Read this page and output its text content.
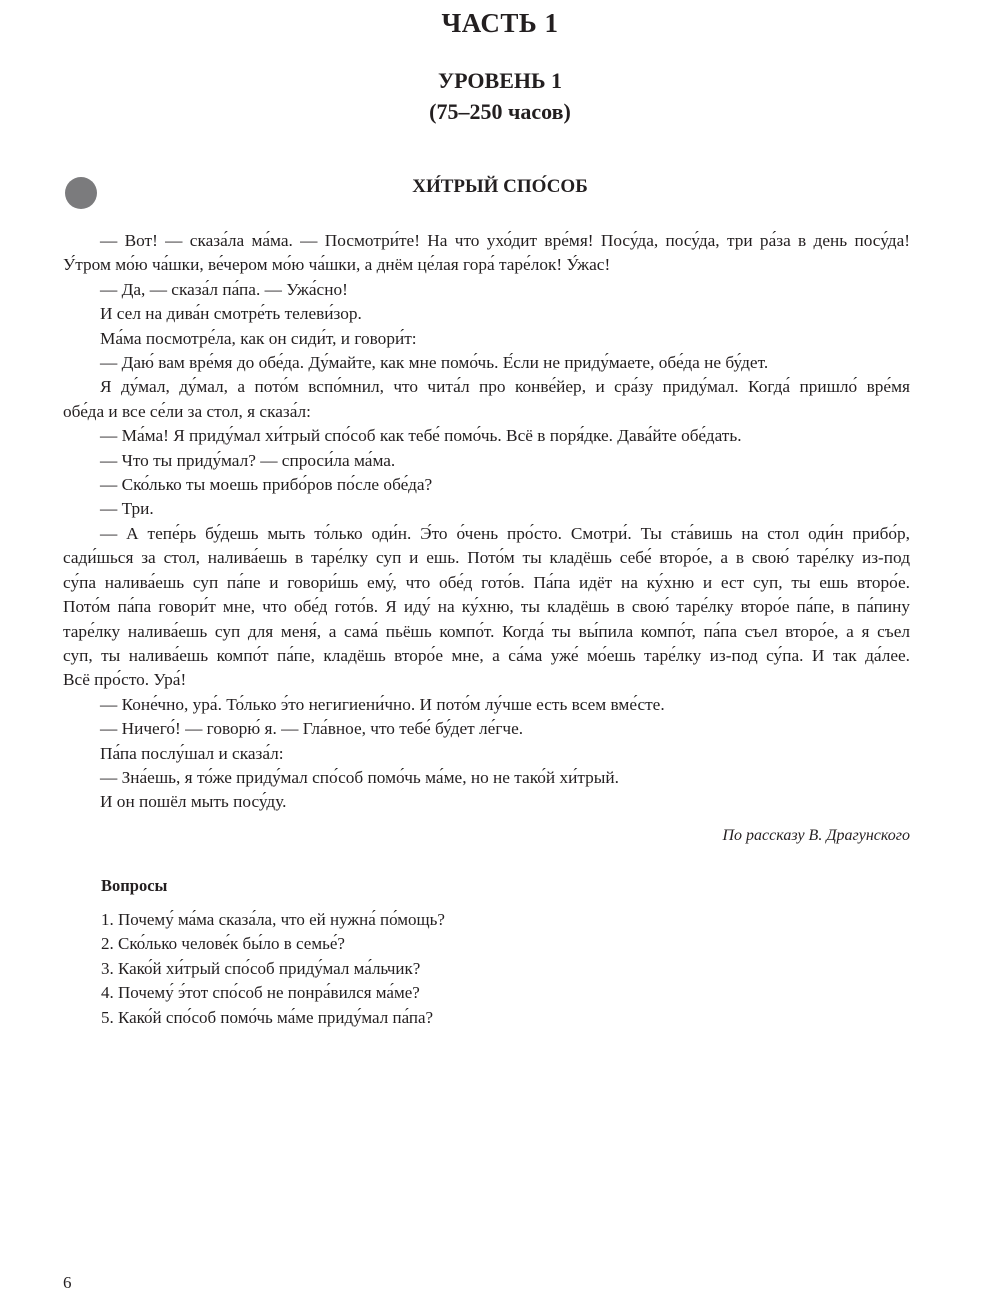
ЧАСТЬ 1
УРОВЕНЬ 1
(75–250 часов)
ХИ́ТРЫЙ СПО́СОБ
— Вот! — сказа́ла ма́ма. — Посмотри́те! На что ухо́дит вре́мя! Посу́да, посу́да, три ра́за в день посу́да!
У́тром мо́ю ча́шки, ве́чером мо́ю ча́шки, а днём це́лая гора́ таре́лок! У́жас!
— Да, — сказа́л па́па. — Ужа́сно!
И сел на дива́н смотре́ть телеви́зор.
Ма́ма посмотре́ла, как он сиди́т, и говори́т:
— Даю́ вам вре́мя до обе́да. Ду́майте, как мне помо́чь. Е́сли не приду́маете, обе́да не бу́дет.
Я ду́мал, ду́мал, а пото́м вспо́мнил, что чита́л про конве́йер, и сра́зу приду́мал. Когда́ пришло́ вре́мя
обе́да и все се́ли за стол, я сказа́л:
— Ма́ма! Я приду́мал хи́трый спо́соб как тебе́ помо́чь. Всё в поря́дке. Дава́йте обе́дать.
— Что ты приду́мал? — спроси́ла ма́ма.
— Ско́лько ты моешь прибо́ров по́сле обе́да?
— Три.
— А тепе́рь бу́дешь мыть то́лько оди́н. Э́то о́чень про́сто. Смотри́. Ты ста́вишь на стол оди́н прибо́р,
сади́шься за стол, налива́ешь в таре́лку суп и ешь. Пото́м ты кладёшь себе́ второ́е, а в свою́ таре́лку из-под
су́па налива́ешь суп па́пе и говори́шь ему́, что обе́д гото́в. Па́па идёт на ку́хню и ест суп, ты ешь второ́е.
Пото́м па́па говори́т мне, что обе́д гото́в. Я иду́ на ку́хню, ты кладёшь в свою́ таре́лку второ́е па́пе, в па́пину
таре́лку налива́ешь суп для меня́, а сама́ пьёшь компо́т. Когда́ ты вы́пила компо́т, па́па съел второ́е, а я съел
суп, ты налива́ешь компо́т па́пе, кладёшь второ́е мне, а са́ма уже́ мо́ешь таре́лку из-под су́па. И так да́лее.
Всё про́сто. Ура́!
— Коне́чно, ура́. То́лько э́то негигиени́чно. И пото́м лу́чше есть всем вме́сте.
— Ничего́! — говорю́ я. — Гла́вное, что тебе́ бу́дет ле́гче.
Па́па послу́шал и сказа́л:
— Зна́ешь, я то́же приду́мал спо́соб помо́чь ма́ме, но не тако́й хи́трый.
И он пошёл мыть посу́ду.
По рассказу В. Драгунского
Вопросы
1. Почему́ ма́ма сказа́ла, что ей нужна́ по́мощь?
2. Ско́лько челове́к бы́ло в семье́?
3. Како́й хи́трый спо́соб приду́мал ма́льчик?
4. Почему́ э́тот спо́соб не понра́вился ма́ме?
5. Како́й спо́соб помо́чь ма́ме приду́мал па́па?
6
